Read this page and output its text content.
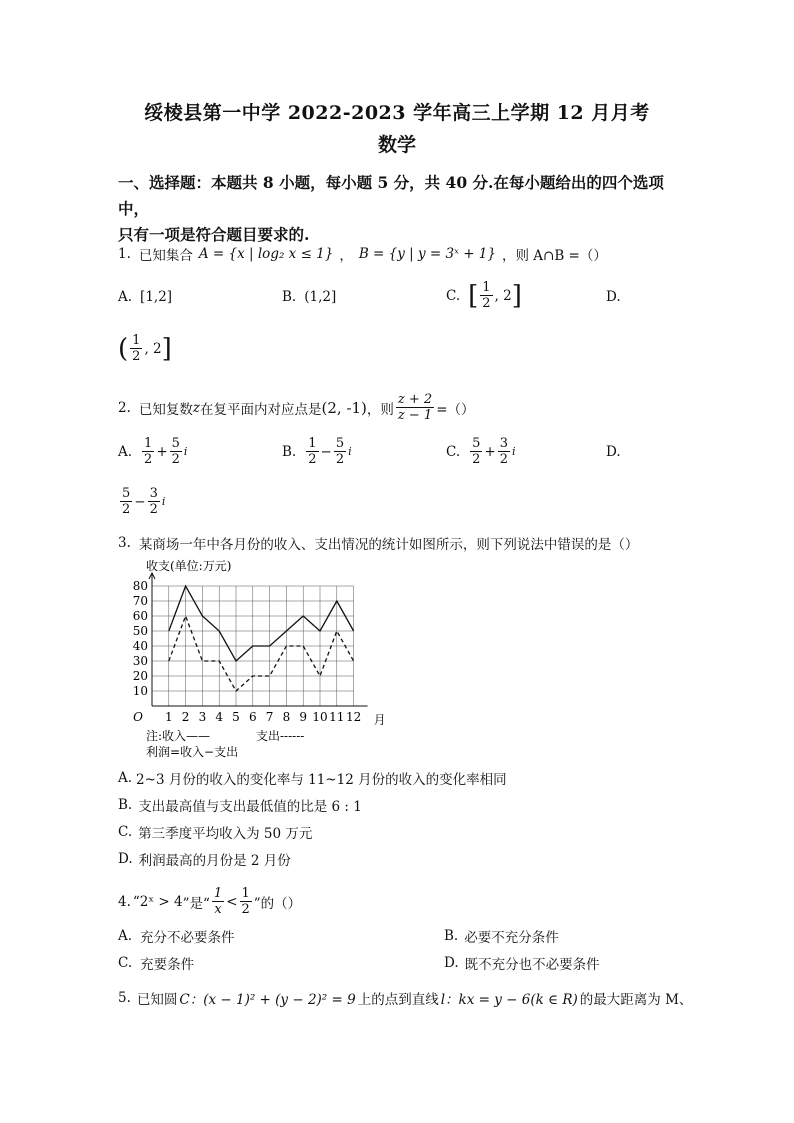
绥棱县第一中学 2022-2023 学年高三上学期 12 月月考
数学
一、选择题：本题共 8 小题，每小题 5 分，共 40 分.在每小题给出的四个选项中，
只有一项是符合题目要求的.
1. 已知集合 A = {x | log₂ x ≤ 1} ， B = {y | y = 3ˣ + 1} ，则 A∩B =（）
A. [1,2]	B. (1,2]	C. [ $\frac{1}{2}$ , 2 ]	D.
( $\frac{1}{2}$ , 2 ]
2. 已知复数 z 在复平面内对应点是 (2, -1) ，则 $\frac{z + 2}{z - 1}$ =（）
A. $\frac{1}{2} + \frac{5}{2}$ i	B. $\frac{1}{2} - \frac{5}{2}$ i	C. $\frac{5}{2} + \frac{3}{2}$ i	D.
$\frac{5}{2} - \frac{3}{2}$ i
3. 某商场一年中各月份的收入、支出情况的统计如图所示，则下列说法中错误的是（）
1 2 3 4 5 6 7 8 9 10 11 12
10
20
30
40
50
60
70
80
O	月
收支(单位:万元)
注:收入——	支出------
利润=收入−支出
A. 2~3 月份的收入的变化率与 11~12 月份的收入的变化率相同
B. 支出最高值与支出最低值的比是 6 : 1
C. 第三季度平均收入为 50 万元
D. 利润最高的月份是 2 月份
4. “ 2ˣ > 4 ”是“ $\frac{1}{x} < \frac{1}{2}$ ”的（）
A. 充分不必要条件	B. 必要不充分条件
C. 充要条件	D. 既不充分也不必要条件
5. 已知圆 C：(x − 1)² + (y − 2)² = 9 上的点到直线 l：kx = y − 6(k ∈ R) 的最大距离为 M、
